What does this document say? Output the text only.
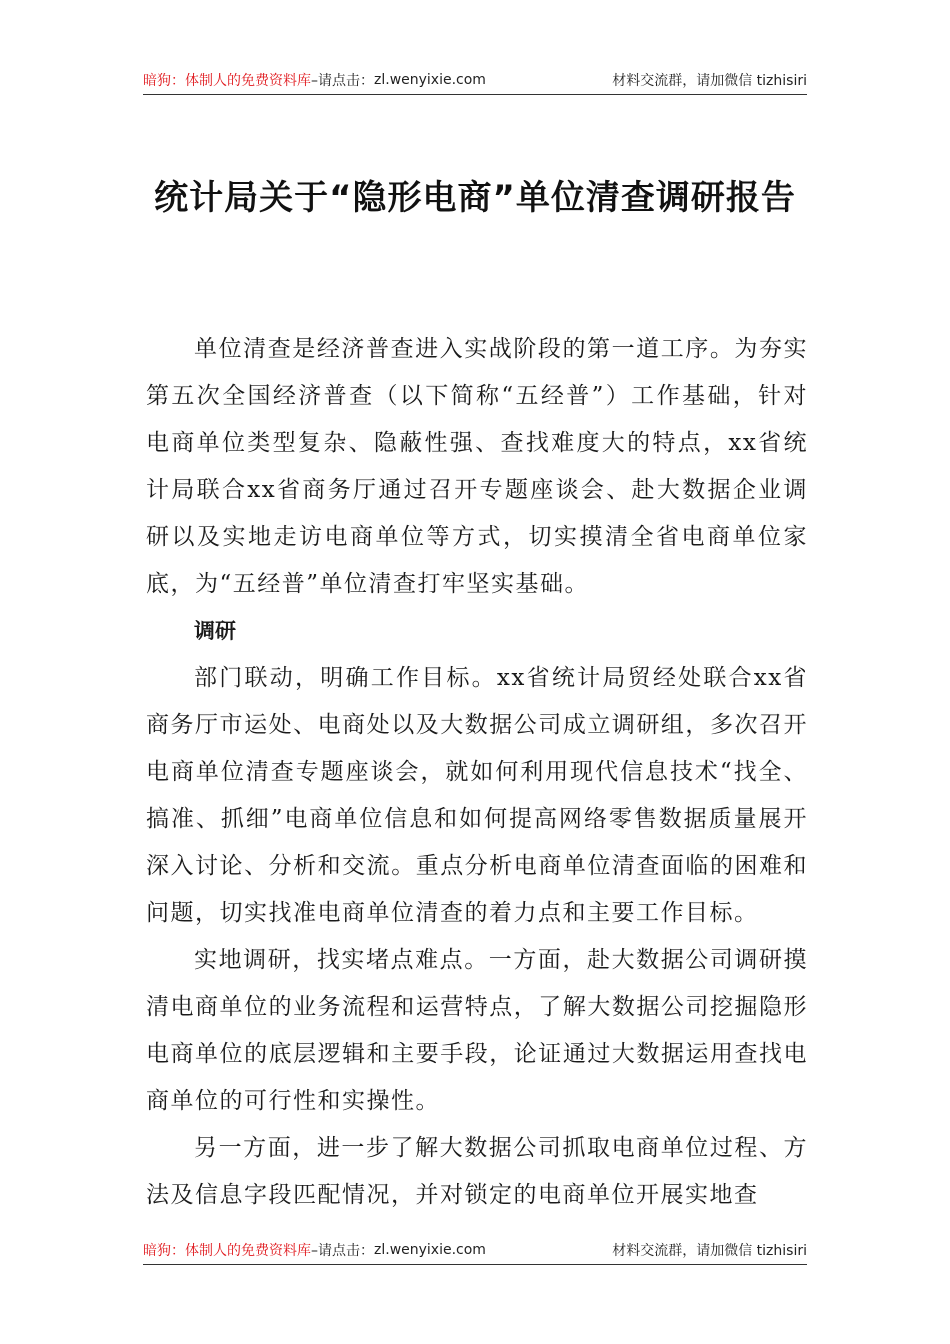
暗狗：体制人的免费资料库 –请点击： zl.wenyixie.com	材料交流群，请加微信 tizhisiri
统计局关于“隐形电商”单位清查调研报告

单位清查是经济普查进入实战阶段的第一道工序。为夯实第五次全国经济普查（以下简称“五经普”）工作基础，针对电商单位类型复杂、隐蔽性强、查找难度大的特点，xx省统计局联合xx省商务厅通过召开专题座谈会、赴大数据企业调研以及实地走访电商单位等方式，切实摸清全省电商单位家底，为“五经普”单位清查打牢坚实基础。

调研

部门联动，明确工作目标。xx省统计局贸经处联合xx省商务厅市运处、电商处以及大数据公司成立调研组，多次召开电商单位清查专题座谈会，就如何利用现代信息技术“找全、搞准、抓细”电商单位信息和如何提高网络零售数据质量展开深入讨论、分析和交流。重点分析电商单位清查面临的困难和问题，切实找准电商单位清查的着力点和主要工作目标。

实地调研，找实堵点难点。一方面，赴大数据公司调研摸清电商单位的业务流程和运营特点，了解大数据公司挖掘隐形电商单位的底层逻辑和主要手段，论证通过大数据运用查找电商单位的可行性和实操性。

另一方面，进一步了解大数据公司抓取电商单位过程、方法及信息字段匹配情况，并对锁定的电商单位开展实地查

暗狗：体制人的免费资料库 –请点击： zl.wenyixie.com	材料交流群，请加微信 tizhisiri
